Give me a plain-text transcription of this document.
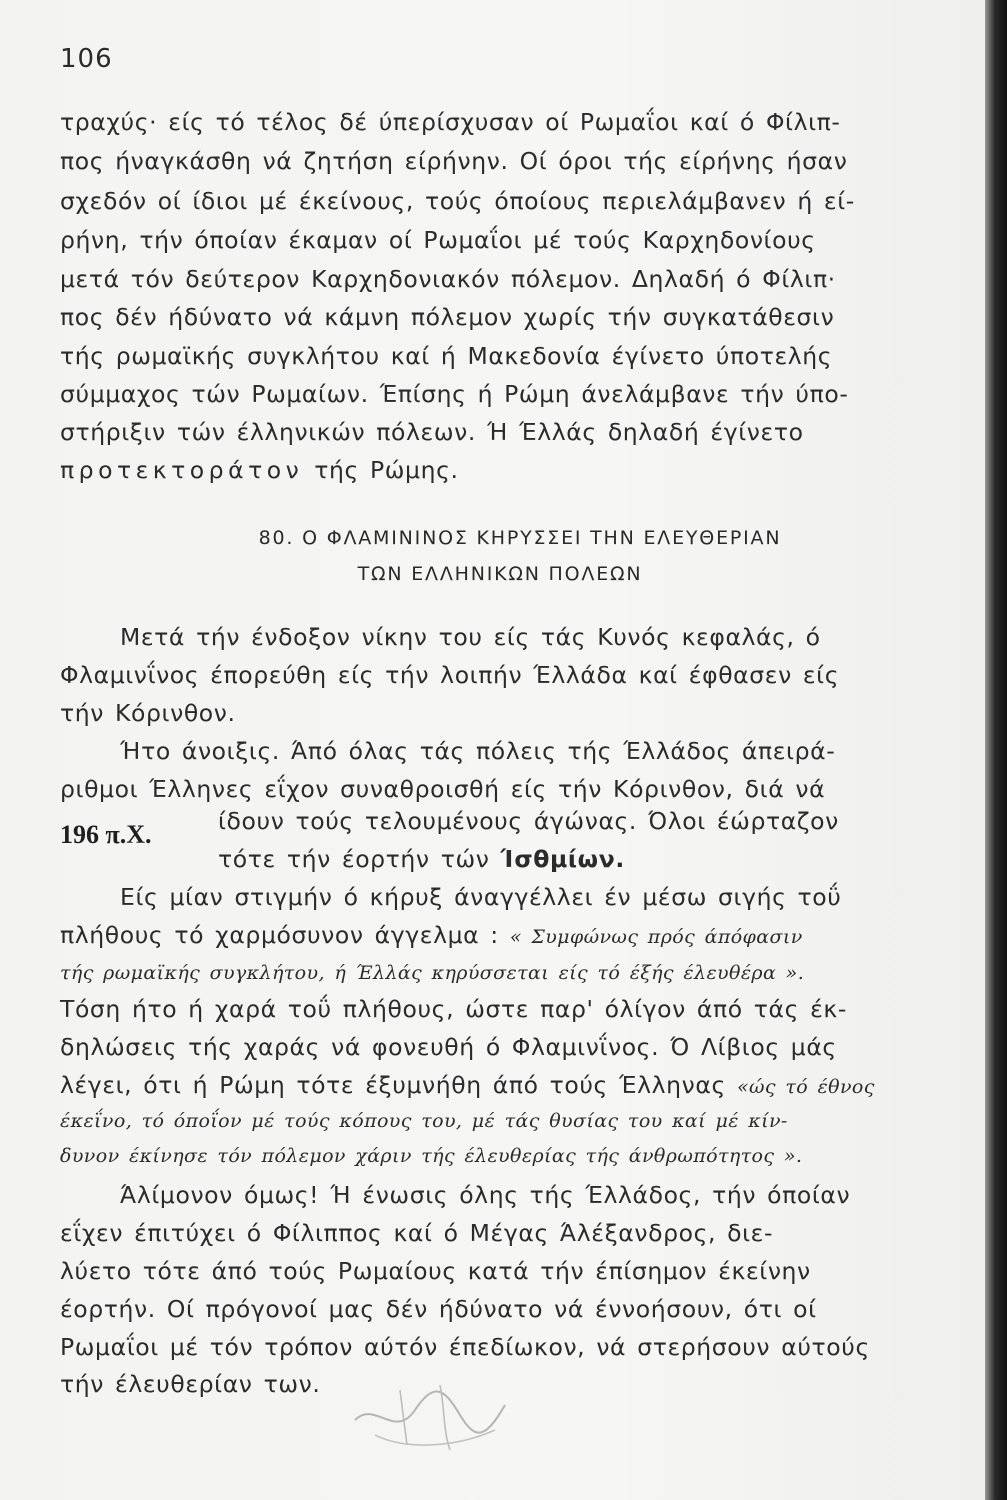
106
τραχύς· είς τό τέλος δέ ύπερίσχυσαν οί Ρωμαΐοι καί ό Φίλιπ-
πος ήναγκάσθη νά ζητήση είρήνην. Οί όροι τής είρήνης ήσαν
σχεδόν οί ίδιοι μέ έκείνους, τούς όποίους περιελάμβανεν ή εί-
ρήνη, τήν όποίαν έκαμαν οί Ρωμαΐοι μέ τούς Καρχηδονίους
μετά τόν δεύτερον Καρχηδονιακόν πόλεμον. Δηλαδή ό Φίλιπ·
πος δέν ήδύνατο νά κάμνη πόλεμον χωρίς τήν συγκατάθεσιν
τής ρωμαϊκής συγκλήτου καί ή Μακεδονία έγίνετο ύποτελής
σύμμαχος τών Ρωμαίων. Έπίσης ή Ρώμη άνελάμβανε τήν ύπο-
στήριξιν τών έλληνικών πόλεων. Ή Έλλάς δηλαδή έγίνετο
προτεκτοράτον τής Ρώμης.
80. Ο ΦΛΑΜΙΝΙΝΟΣ ΚΗΡΥΣΣΕΙ ΤΗΝ ΕΛΕΥΘΕΡΙΑΝ
ΤΩΝ ΕΛΛΗΝΙΚΩΝ ΠΟΛΕΩΝ
Μετά τήν ένδοξον νίκην του είς τάς Κυνός κεφαλάς, ό
Φλαμινΐνος έπορεύθη είς τήν λοιπήν Έλλάδα καί έφθασεν είς
τήν Κόρινθον.
Ήτο άνοιξις. Άπό όλας τάς πόλεις τής Έλλάδος άπειρά-
ριθμοι Έλληνες εΐχον συναθροισθή είς τήν Κόρινθον, διά νά
ίδουν τούς τελουμένους άγώνας. Όλοι έώρταζον
τότε τήν έορτήν τών Ίσθμίων.
196 π.Χ.
Είς μίαν στιγμήν ό κήρυξ άναγγέλλει έν μέσω σιγής τοΰ
πλήθους τό χαρμόσυνον άγγελμα : « Συμφώνως πρός άπόφασιν
τής ρωμαϊκής συγκλήτου, ή Έλλάς κηρύσσεται είς τό έξής έλευθέρα ».
Τόση ήτο ή χαρά τοΰ πλήθους, ώστε παρ' όλίγον άπό τάς έκ-
δηλώσεις τής χαράς νά φονευθή ό Φλαμινΐνος. Ό Λίβιος μάς
λέγει, ότι ή Ρώμη τότε έξυμνήθη άπό τούς Έλληνας «ώς τό έθνος
έκεΐνο, τό όποΐον μέ τούς κόπους του, μέ τάς θυσίας του καί μέ κίν-
δυνον έκίνησε τόν πόλεμον χάριν τής έλευθερίας τής άνθρωπότητος ».
Άλίμονον όμως! Ή ένωσις όλης τής Έλλάδος, τήν όποίαν
εΐχεν έπιτύχει ό Φίλιππος καί ό Μέγας Άλέξανδρος, διε-
λύετο τότε άπό τούς Ρωμαίους κατά τήν έπίσημον έκείνην
έορτήν. Οί πρόγονοί μας δέν ήδύνατο νά έννοήσουν, ότι οί
Ρωμαΐοι μέ τόν τρόπον αύτόν έπεδίωκον, νά στερήσουν αύτούς
τήν έλευθερίαν των.
